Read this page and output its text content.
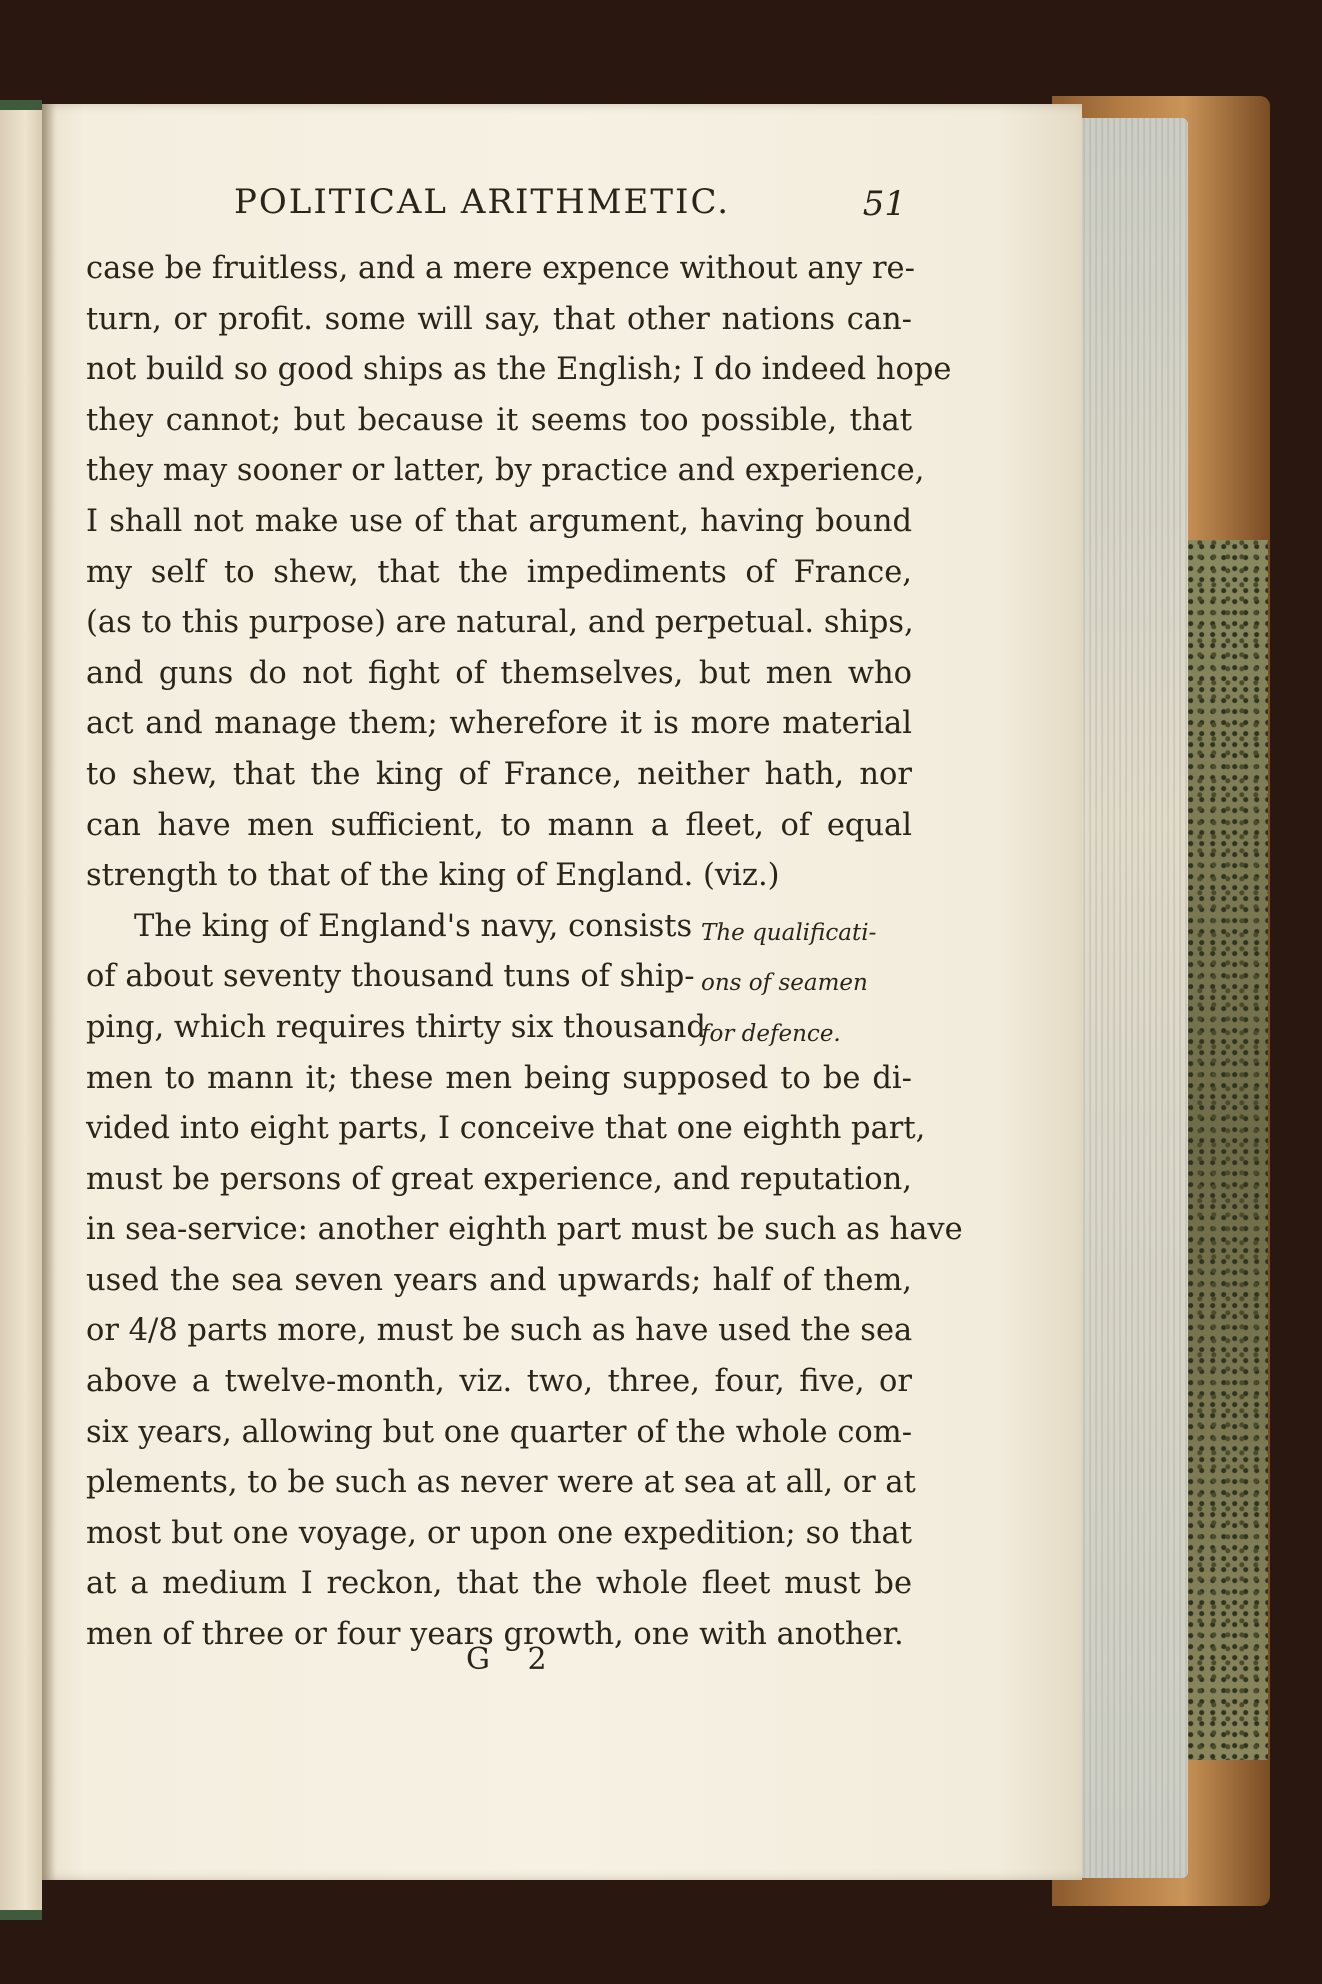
POLITICAL ARITHMETIC.	51
case be fruitless, and a mere expence without any re-
turn, or profit. some will say, that other nations can-
not build so good ships as the English; I do indeed hope
they cannot; but because it seems too possible, that
they may sooner or latter, by practice and experience,
I shall not make use of that argument, having bound
my self to shew, that the impediments of France,
(as to this purpose) are natural, and perpetual. ships,
and guns do not fight of themselves, but men who
act and manage them; wherefore it is more material
to shew, that the king of France, neither hath, nor
can have men sufficient, to mann a fleet, of equal
strength to that of the king of England. (viz.)
The king of England's navy, consists
of about seventy thousand tuns of ship-
ping, which requires thirty six thousand
The qualificati-
ons of seamen
for defence.
men to mann it; these men being supposed to be di-
vided into eight parts, I conceive that one eighth part,
must be persons of great experience, and reputation,
in sea-service: another eighth part must be such as have
used the sea seven years and upwards; half of them,
or 4/8 parts more, must be such as have used the sea
above a twelve-month, viz. two, three, four, five, or
six years, allowing but one quarter of the whole com-
plements, to be such as never were at sea at all, or at
most but one voyage, or upon one expedition; so that
at a medium I reckon, that the whole fleet must be
men of three or four years growth, one with another.
G 2
